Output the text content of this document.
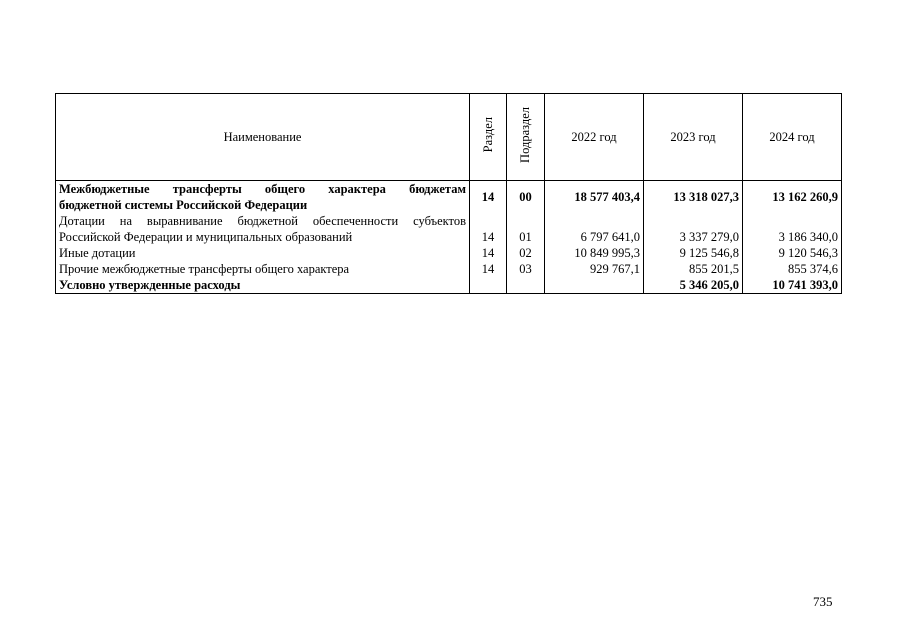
Наименование	Раздел	Подраздел	2022 год	2023 год	2024 год
Межбюджетные трансферты общего характера бюджетам	14	00	18 577 403,4	13 318 027,3	13 162 260,9
бюджетной системы Российской Федерации					
Дотации на выравнивание бюджетной обеспеченности субъектов					
Российской Федерации и муниципальных образований	14	01	6 797 641,0	3 337 279,0	3 186 340,0
Иные дотации	14	02	10 849 995,3	9 125 546,8	9 120 546,3
Прочие межбюджетные трансферты общего характера	14	03	929 767,1	855 201,5	855 374,6
Условно утвержденные расходы				5 346 205,0	10 741 393,0
735
